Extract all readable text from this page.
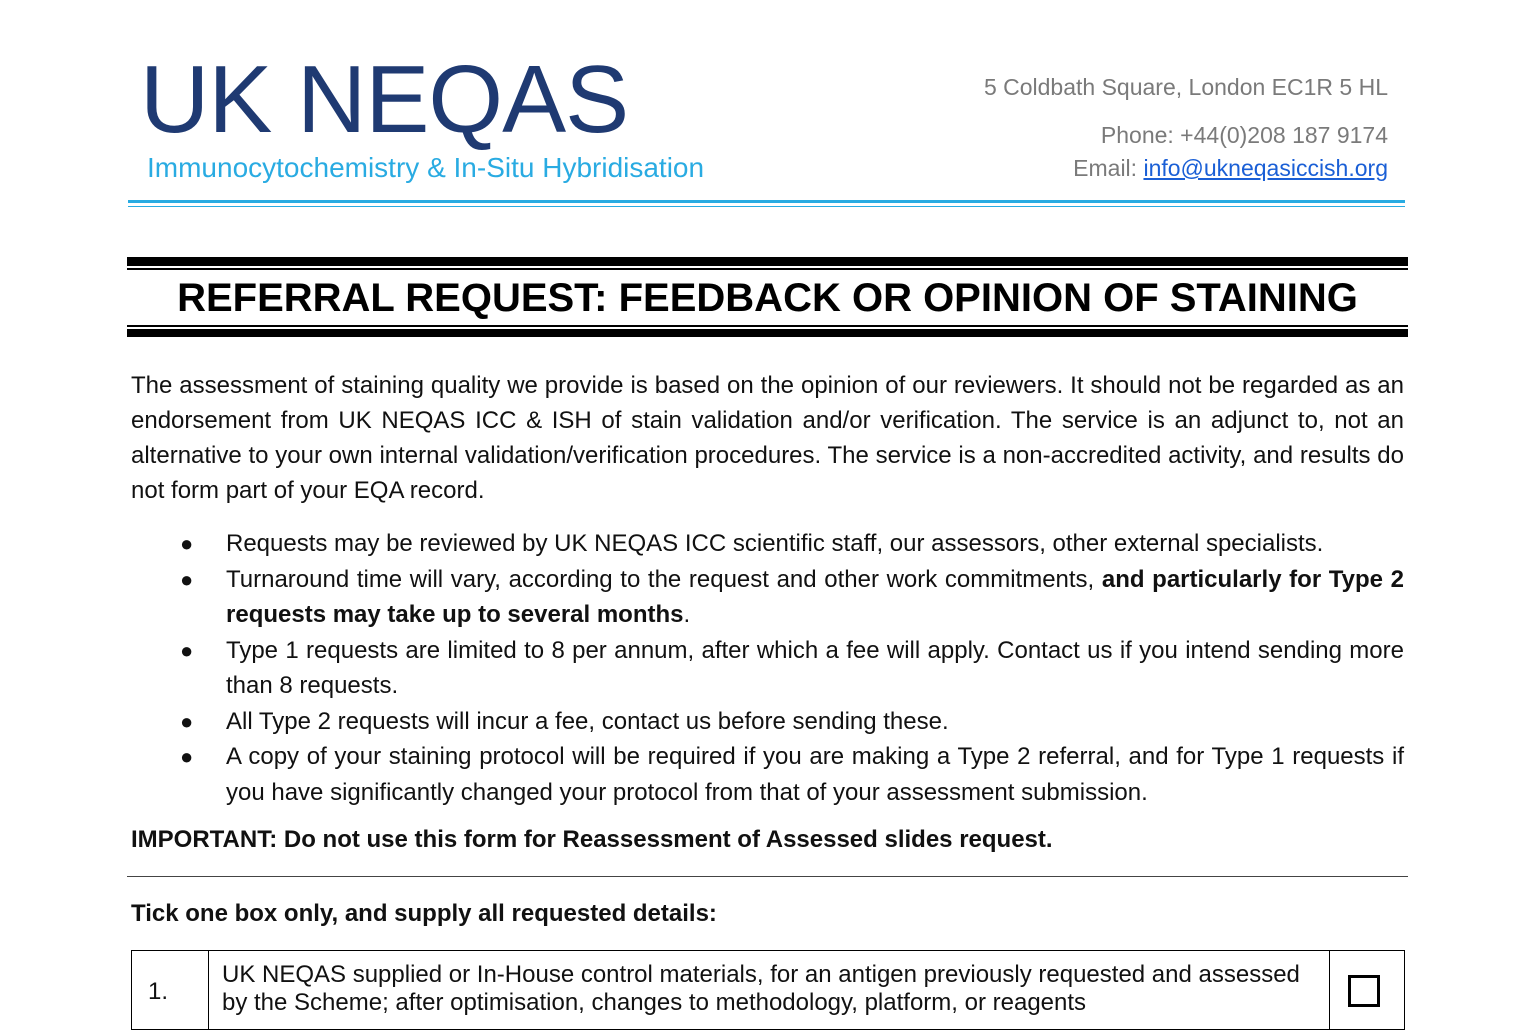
UK NEQAS
Immunocytochemistry & In-Situ Hybridisation
5 Coldbath Square, London EC1R 5 HL
Phone: +44(0)208 187 9174
Email: info@ukneqasiccish.org
REFERRAL REQUEST: FEEDBACK OR OPINION OF STAINING

The assessment of staining quality we provide is based on the opinion of our reviewers. It should not be regarded as an endorsement from UK NEQAS ICC & ISH of stain validation and/or verification. The service is an adjunct to, not an alternative to your own internal validation/verification procedures. The service is a non-accredited activity, and results do not form part of your EQA record.

● Requests may be reviewed by UK NEQAS ICC scientific staff, our assessors, other external specialists.
● Turnaround time will vary, according to the request and other work commitments, and particularly for Type 2 requests may take up to several months.
● Type 1 requests are limited to 8 per annum, after which a fee will apply. Contact us if you intend sending more than 8 requests.
● All Type 2 requests will incur a fee, contact us before sending these.
● A copy of your staining protocol will be required if you are making a Type 2 referral, and for Type 1 requests if you have significantly changed your protocol from that of your assessment submission.
IMPORTANT: Do not use this form for Reassessment of Assessed slides request.
Tick one box only, and supply all requested details:
1.
UK NEQAS supplied or In-House control materials, for an antigen previously requested and assessed by the Scheme; after optimisation, changes to methodology, platform, or reagents
